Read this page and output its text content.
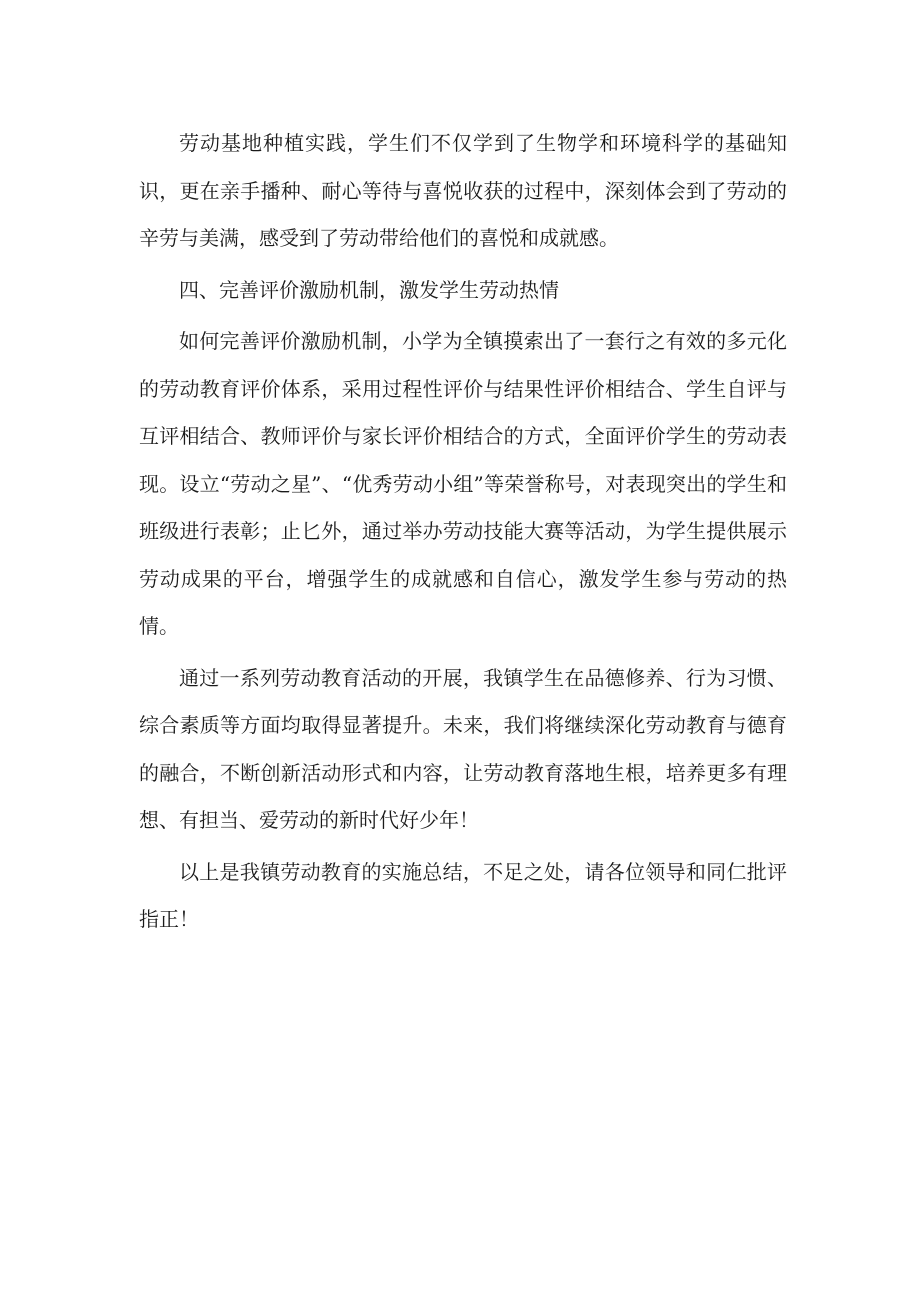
劳动基地种植实践，学生们不仅学到了生物学和环境科学的基础知识，更在亲手播种、耐心等待与喜悦收获的过程中，深刻体会到了劳动的辛劳与美满，感受到了劳动带给他们的喜悦和成就感。

四、完善评价激励机制，激发学生劳动热情

如何完善评价激励机制，小学为全镇摸索出了一套行之有效的多元化的劳动教育评价体系，采用过程性评价与结果性评价相结合、学生自评与互评相结合、教师评价与家长评价相结合的方式，全面评价学生的劳动表现。设立“劳动之星”、“优秀劳动小组”等荣誉称号，对表现突出的学生和班级进行表彰；止匕外，通过举办劳动技能大赛等活动，为学生提供展示劳动成果的平台，增强学生的成就感和自信心，激发学生参与劳动的热情。

通过一系列劳动教育活动的开展，我镇学生在品德修养、行为习惯、综合素质等方面均取得显著提升。未来，我们将继续深化劳动教育与德育的融合，不断创新活动形式和内容，让劳动教育落地生根，培养更多有理想、有担当、爱劳动的新时代好少年！

以上是我镇劳动教育的实施总结，不足之处，请各位领导和同仁批评指正！
